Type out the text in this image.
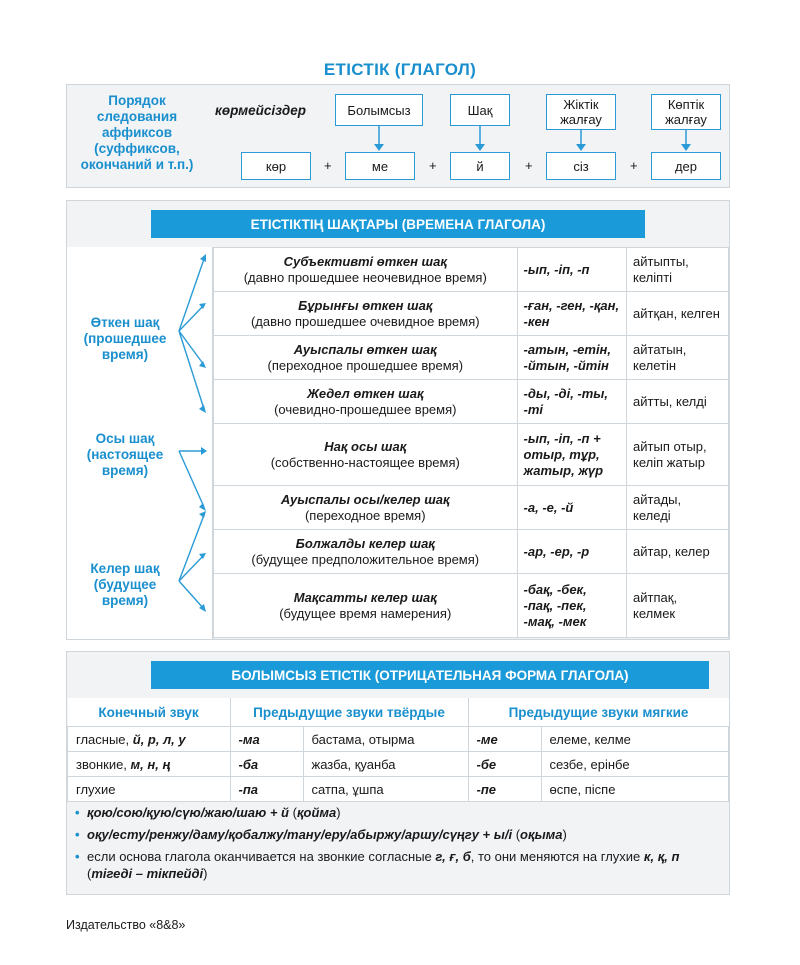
ЕТІСТІК (ГЛАГОЛ)
Порядок следования аффиксов (суффиксов, окончаний и т.п.)
көрмейсіздер	Болымсыз	Шақ	Жіктік жалғау
Көптік жалғау
көр	+	ме	+	й	+	сіз	+	дер
ЕТІСТІКТІҢ ШАҚТАРЫ (ВРЕМЕНА ГЛАГОЛА)
Өткен шақ (прошедшее время)
Осы шақ (настоящее время)
Келер шақ (будущее время)
Субъективті өткен шақ
(давно прошедшее неочевидное время)	-ып, -іп, -п	айтыпты, келіпті

Бұрынғы өткен шақ
(давно прошедшее очевидное время)	-ған, -ген, -қан, -кен	айтқан, келген

Ауыспалы өткен шақ
(переходное прошедшее время)	-атын, -етін, -йтын, -йтін	айтатын, келетін

Жедел өткен шақ
(очевидно-прошедшее время)	-ды, -ді, -ты, -ті	айтты, келді

Нақ осы шақ
(собственно-настоящее время)	-ып, -іп, -п + отыр, тұр, жатыр, жүр	айтып отыр, келіп жатыр

Ауыспалы осы/келер шақ
(переходное время)	-а, -е, -й	айтады, келеді

Болжалды келер шақ
(будущее предположительное время)	-ар, -ер, -р	айтар, келер

Мақсатты келер шақ
(будущее время намерения)	-бақ, -бек, -пақ, -пек, -мақ, -мек	айтпақ, келмек
БОЛЫМСЫЗ ЕТІСТІК (ОТРИЦАТЕЛЬНАЯ ФОРМА ГЛАГОЛА)
Конечный звук	Предыдущие звуки твёрдые		Предыдущие звуки мягкие	
гласные, й, р, л, у	-ма	бастама, отырма	-ме	елеме, келме
звонкие, м, н, ң	-ба	жазба, қуанба	-бе	сезбе, ерінбе
глухие	-па	сатпа, ұшпа	-пе	өспе, піспе
• қою/сою/қую/сүю/жаю/шаю + й (қойма)
• оқу/есту/ренжу/даму/қобалжу/тану/еру/абыржу/аршу/сүңгу + ы/і (оқыма)
• если основа глагола оканчивается на звонкие согласные г, ғ, б, то они меняются на глухие к, қ, п (тігеді – тікпейді)
Издательство «8&8»
